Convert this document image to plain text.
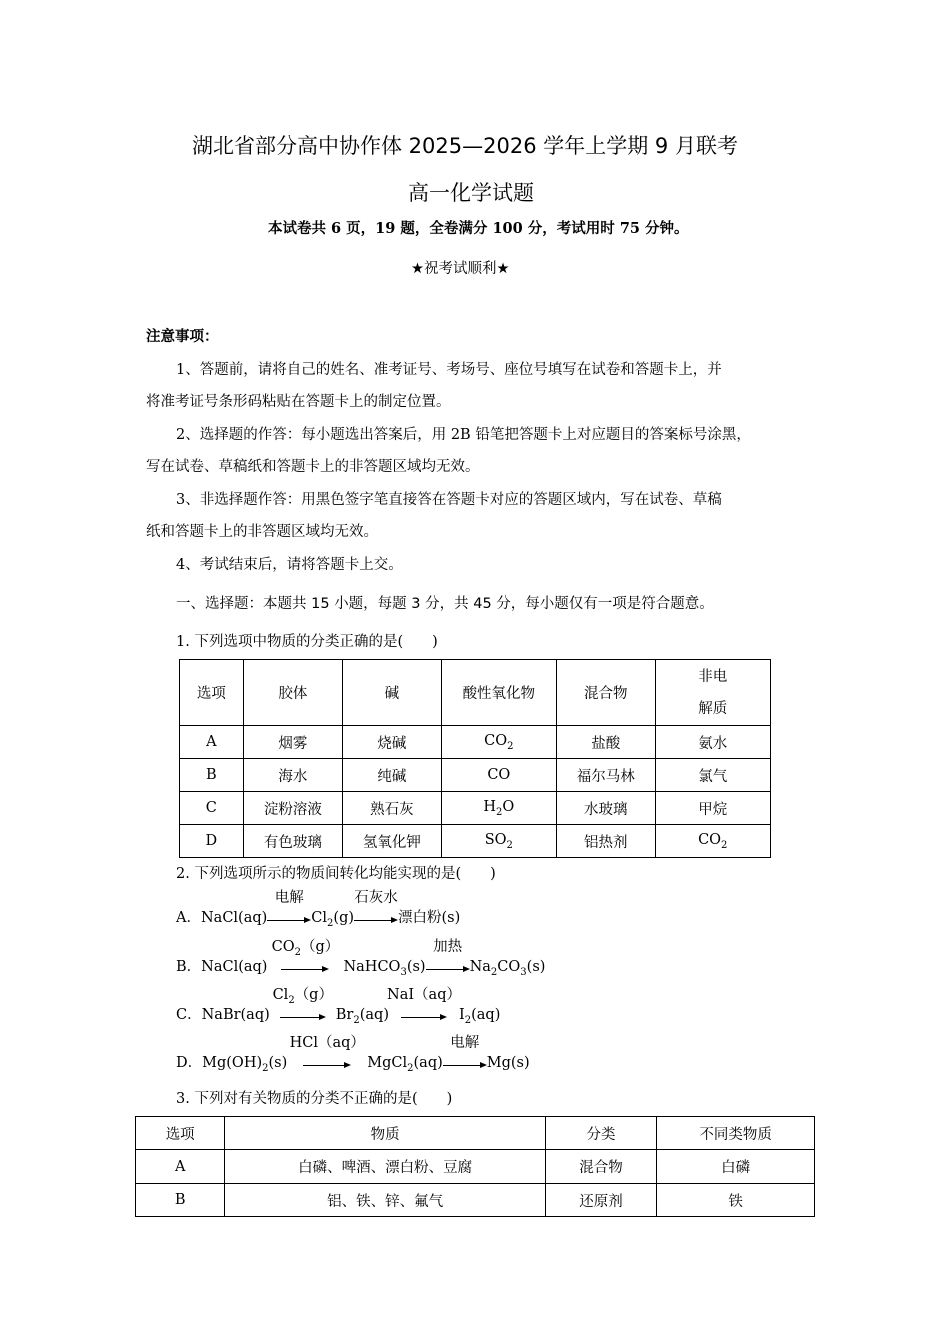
湖北省部分高中协作体 2025—2026 学年上学期 9 月联考
高一化学试题
本试卷共 6 页，19 题，全卷满分 100 分，考试用时 75 分钟。
★祝考试顺利★
注意事项：
1、答题前，请将自己的姓名、准考证号、考场号、座位号填写在试卷和答题卡上，并
将准考证号条形码粘贴在答题卡上的制定位置。
2、选择题的作答：每小题选出答案后，用 2B 铅笔把答题卡上对应题目的答案标号涂黑，
写在试卷、草稿纸和答题卡上的非答题区域均无效。
3、非选择题作答：用黑色签字笔直接答在答题卡对应的答题区域内，写在试卷、草稿
纸和答题卡上的非答题区域均无效。
4、考试结束后，请将答题卡上交。
一、选择题：本题共 15 小题，每题 3 分，共 45 分，每小题仅有一项是符合题意。
1. 下列选项中物质的分类正确的是(　　)
选项	胶体	碱	酸性氧化物	混合物	非电
解质

A	烟雾	烧碱	$CO_2$	盐酸	氨水
B	海水	纯碱	CO	福尔马林	氯气
C	淀粉溶液	熟石灰	$H_2O$	水玻璃	甲烷
D	有色玻璃	氢氧化钾	$SO_2$	铝热剂	$CO_2$
2. 下列选项所示的物质间转化均能实现的是(　　)
A．NaCl(aq)
电解
$Cl_2(g)$
石灰水
漂白粉(s)
B．NaCl(aq)
$CO_2(g)$
NaHCO$_3$(s)
加热
$Na_2CO_3(s)$
C．NaBr(aq)
$Cl_2(g)$
$Br_2(aq)$
NaI（aq）
$I_2(aq)$
D．$Mg(OH)_2(s)$
HCl（aq）
MgCl$_2$(aq)
电解
Mg(s)
3. 下列对有关物质的分类不正确的是(　　)
选项	物质	分类	不同类物质
A	白磷、啤酒、漂白粉、豆腐	混合物	白磷
B	铝、铁、锌、氟气	还原剂	铁
